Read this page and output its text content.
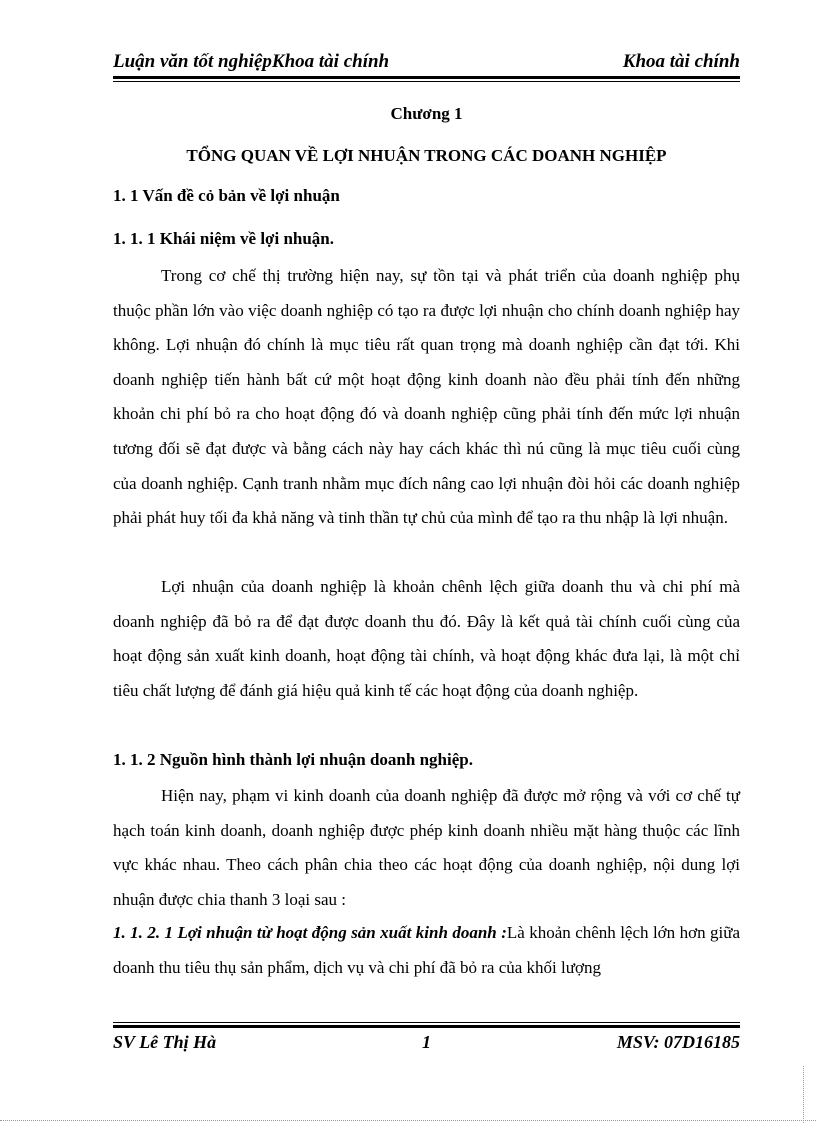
Luận văn tốt nghiệpKhoa tài chính	Khoa tài chính
Chương 1
TỔNG QUAN VỀ LỢI NHUẬN TRONG CÁC DOANH NGHIỆP
1. 1 Vấn đề cỏ bản về lợi nhuận
1. 1. 1 Khái niệm về lợi nhuận.
Trong cơ chế thị trường hiện nay, sự tồn tại và phát triển của doanh nghiệp phụ thuộc phần lớn vào việc doanh nghiệp có tạo ra được lợi nhuận cho chính doanh nghiệp hay không. Lợi nhuận đó chính là mục tiêu rất quan trọng mà doanh nghiệp cần đạt tới. Khi doanh nghiệp tiến hành bất cứ một hoạt động kinh doanh nào đều phải tính đến những khoản chi phí bỏ ra cho hoạt động đó và doanh nghiệp cũng phải tính đến mức lợi nhuận tương đối sẽ đạt được và bằng cách này hay cách khác thì nú cũng là mục tiêu cuối cùng của doanh nghiệp. Cạnh tranh nhằm mục đích nâng cao lợi nhuận đòi hỏi các doanh nghiệp phải phát huy tối đa khả năng và tinh thần tự chủ của mình để tạo ra thu nhập là lợi nhuận.
Lợi nhuận của doanh nghiệp là khoản chênh lệch giữa doanh thu và chi phí mà doanh nghiệp đã bỏ ra để đạt được doanh thu đó. Đây là kết quả tài chính cuối cùng của hoạt động sản xuất kinh doanh, hoạt động tài chính, và hoạt động khác đưa lại, là một chỉ tiêu chất lượng để đánh giá hiệu quả kinh tế các hoạt động của doanh nghiệp.
1. 1. 2 Nguồn hình thành lợi nhuận doanh nghiệp.
Hiện nay, phạm vi kinh doanh của doanh nghiệp đã được mở rộng và với cơ chế tự hạch toán kinh doanh, doanh nghiệp được phép kinh doanh nhiều mặt hàng thuộc các lĩnh vực khác nhau. Theo cách phân chia theo các hoạt động của doanh nghiệp, nội dung lợi nhuận được chia thanh 3 loại sau :
1. 1. 2. 1 Lợi nhuận từ hoạt động sản xuất kinh doanh :Là khoản chênh lệch lớn hơn giữa doanh thu tiêu thụ sản phẩm, dịch vụ và chi phí đã bỏ ra của khối lượng
SV Lê Thị Hà	1	MSV: 07D16185
